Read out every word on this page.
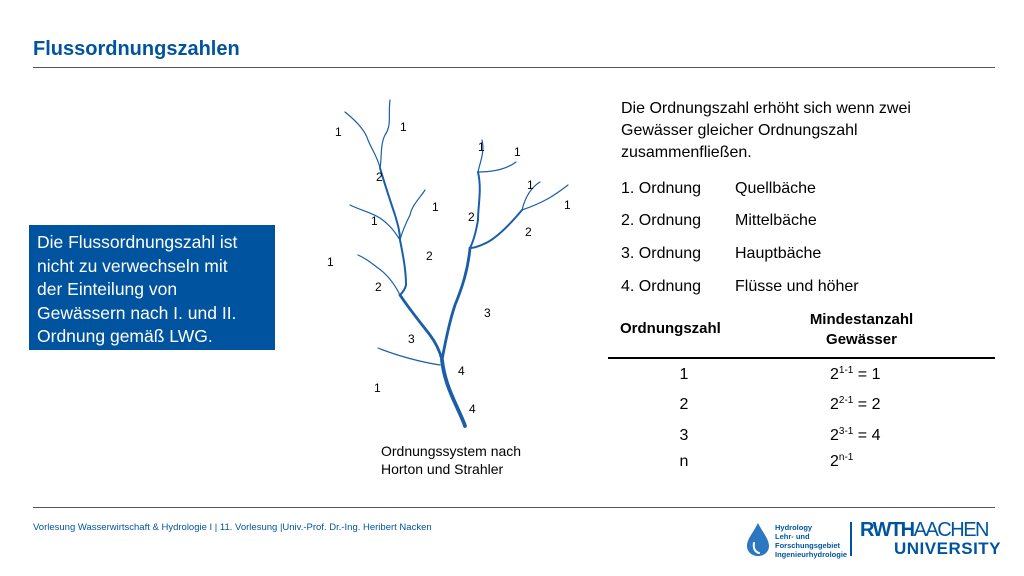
Flussordnungszahlen
Die Flussordnungszahl ist
nicht zu verwechseln mit
der Einteilung von
Gewässern nach I. und II.
Ordnung gemäß LWG.
1	1
1 1
2
1
1	1
1	2
2
1	2
2
3
3
4
1
4
Ordnungssystem nach
Horton und Strahler
Die Ordnungszahl erhöht sich wenn zwei
Gewässer gleicher Ordnungszahl
zusammenfließen.
1. Ordnung Quellbäche
2. Ordnung Mittelbäche
3. Ordnung Hauptbäche
4. Ordnung Flüsse und höher
Ordnungszahl
Mindestanzahl
Gewässer
1	$2^{1-1} = 1$
2	$2^{2-1} = 2$
3	$2^{3-1} = 4$
n	2$^{n-1}$
Vorlesung Wasserwirtschaft & Hydrologie I | 11. Vorlesung |Univ.-Prof. Dr.-Ing. Heribert Nacken	Hydrology
Lehr- und
Forschungsgebiet
Ingenieurhydrologie
RWTHAACHEN
UNIVERSITY
